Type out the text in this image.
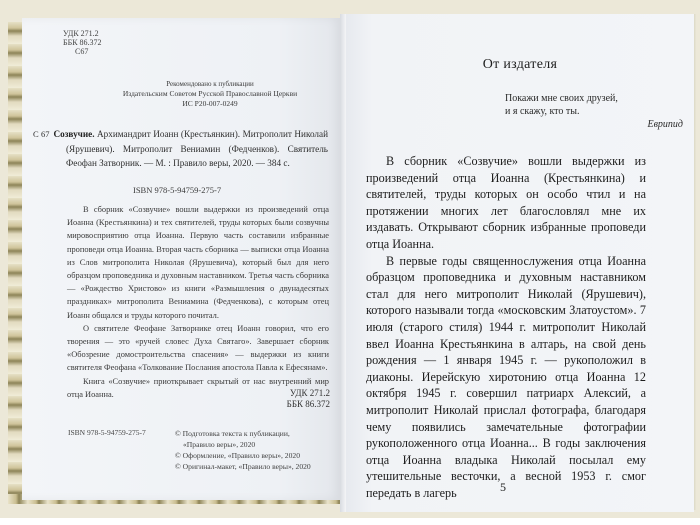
УДК 271.2
ББК 86.372
С67
Рекомендовано к публикации
Издательским Советом Русской Православной Церкви
ИС Р20-007-0249
С 67 Созвучие. Архимандрит Иоанн (Крестьянкин). Митрополит Николай (Ярушевич). Митрополит Вениамин (Федченков). Святитель Феофан Затворник. — М. : Правило веры, 2020. — 384 с.
ISBN 978-5-94759-275-7

В сборник «Созвучие» вошли выдержки из произведений отца Иоанна (Крестьянкина) и тех святителей, труды которых были созвучны мировосприятию отца Иоанна. Первую часть составили избранные проповеди отца Иоанна. Вторая часть сборника — выписки отца Иоанна из Слов митрополита Николая (Ярушевича), который был для него образцом проповедника и духовным наставником. Третья часть сборника — «Рождество Христово» из книги «Размышления о двунадесятых праздниках» митрополита Вениамина (Федченкова), с которым отец Иоанн общался и труды которого почитал.

О святителе Феофане Затворнике отец Иоанн говорил, что его творения — это «ручей словес Духа Святаго». Завершает сборник «Обозрение домостроительства спасения» — выдержки из книги святителя Феофана «Толкование Послания апостола Павла к Ефесянам».

Книга «Созвучие» приоткрывает скрытый от нас внутренний мир отца Иоанна.	УДК 271.2
ББК 86.372
ISBN 978-5-94759-275-7	© Подготовка текста к публикации,
«Правило веры», 2020
© Оформление, «Правило веры», 2020
© Оригинал-макет, «Правило веры», 2020
От издателя
Покажи мне своих друзей,
и я скажу, кто ты.
Еврипид

В сборник «Созвучие» вошли выдержки из произведений отца Иоанна (Крестьянкина) и святителей, труды которых он особо чтил и на протяжении многих лет благословлял мне их издавать. Открывают сборник избранные проповеди отца Иоанна.

В первые годы священнослужения отца Иоанна образцом проповедника и духовным наставником стал для него митрополит Николай (Ярушевич), которого называли тогда «московским Златоустом». 7 июля (старого стиля) 1944 г. митрополит Николай ввел Иоанна Крестьянкина в алтарь, на свой день рождения — 1 января 1945 г. — рукоположил в диаконы. Иерейскую хиротонию отца Иоанна 12 октября 1945 г. совершил патриарх Алексий, а митрополит Николай прислал фотографа, благодаря чему появились замечательные фотографии рукоположенного отца Иоанна... В годы заключения отца Иоанна владыка Николай посылал ему утешительные весточки, а весной 1953 г. смог передать в лагерь	5
